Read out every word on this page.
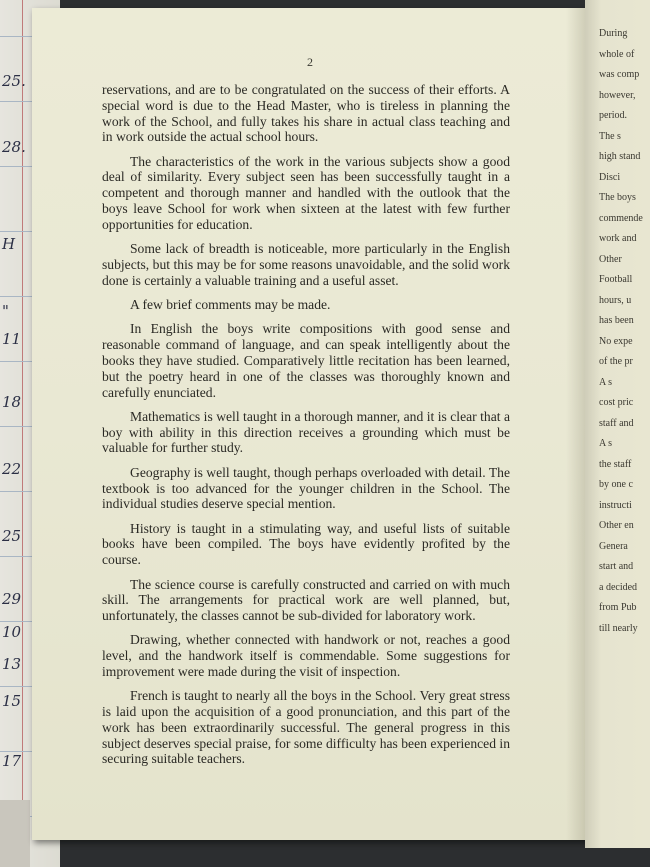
25.
28.
H
"
11
18
22
25
29
10
13
15
17
2

reservations, and are to be congratulated on the success of their efforts. A special word is due to the Head Master, who is tireless in planning the work of the School, and fully takes his share in actual class teaching and in work outside the actual school hours.

The characteristics of the work in the various subjects show a good deal of similarity. Every subject seen has been successfully taught in a competent and thorough manner and handled with the outlook that the boys leave School for work when sixteen at the latest with few further opportunities for education.

Some lack of breadth is noticeable, more particularly in the English subjects, but this may be for some reasons unavoidable, and the solid work done is certainly a valuable training and a useful asset.

A few brief comments may be made.

In English the boys write compositions with good sense and reasonable command of language, and can speak intelligently about the books they have studied. Comparatively little recitation has been learned, but the poetry heard in one of the classes was thoroughly known and carefully enunciated.

Mathematics is well taught in a thorough manner, and it is clear that a boy with ability in this direction receives a grounding which must be valuable for further study.

Geography is well taught, though perhaps overloaded with detail. The textbook is too advanced for the younger children in the School. The individual studies deserve special mention.

History is taught in a stimulating way, and useful lists of suitable books have been compiled. The boys have evidently profited by the course.

The science course is carefully constructed and carried on with much skill. The arrangements for practical work are well planned, but, unfortunately, the classes cannot be sub-divided for laboratory work.

Drawing, whether connected with handwork or not, reaches a good level, and the handwork itself is commendable. Some suggestions for improvement were made during the visit of inspection.

French is taught to nearly all the boys in the School. Very great stress is laid upon the acquisition of a good pronunciation, and this part of the work has been extraordinarily successful. The general progress in this subject deserves special praise, for some difficulty has been experienced in securing suitable teachers.

During
whole of
was comp
however,
period.
The s
high stand
Disci
The boys
commende
work and
Other
Football
hours, u
has been
No expe
of the pr
A s
cost pric
staff and
A s
the staff
by one c
instructi
Other en
Genera
start and
a decided
from Pub
till nearly
